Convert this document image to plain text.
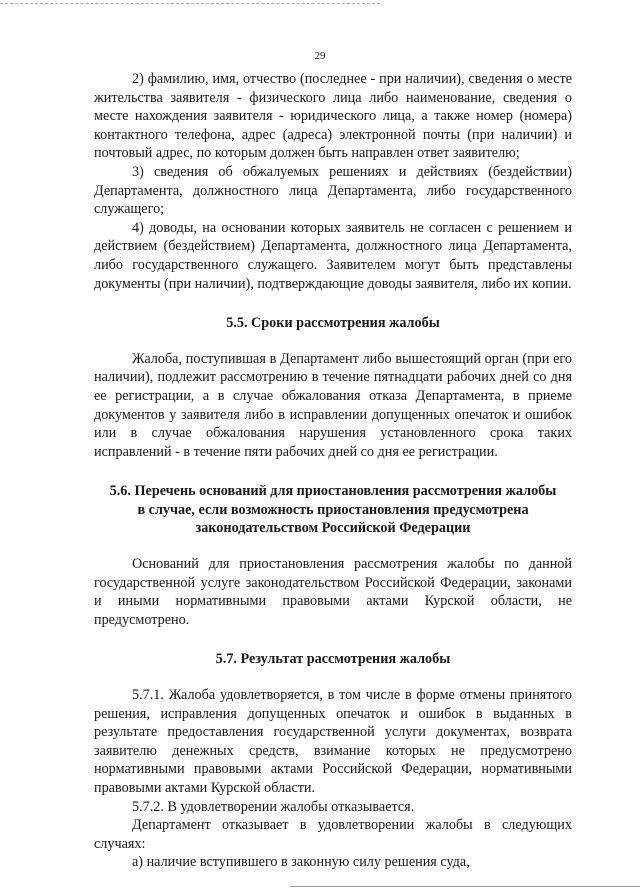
29

2) фамилию, имя, отчество (последнее - при наличии), сведения о месте жительства заявителя - физического лица либо наименование, сведения о месте нахождения заявителя - юридического лица, а также номер (номера) контактного телефона, адрес (адреса) электронной почты (при наличии) и почтовый адрес, по которым должен быть направлен ответ заявителю;

3) сведения об обжалуемых решениях и действиях (бездействии) Департамента, должностного лица Департамента, либо государственного служащего;

4) доводы, на основании которых заявитель не согласен с решением и действием (бездействием) Департамента, должностного лица Департамента, либо государственного служащего. Заявителем могут быть представлены документы (при наличии), подтверждающие доводы заявителя, либо их копии.

5.5. Сроки рассмотрения жалобы

Жалоба, поступившая в Департамент либо вышестоящий орган (при его наличии), подлежит рассмотрению в течение пятнадцати рабочих дней со дня ее регистрации, а в случае обжалования отказа Департамента, в приеме документов у заявителя либо в исправлении допущенных опечаток и ошибок или в случае обжалования нарушения установленного срока таких исправлений - в течение пяти рабочих дней со дня ее регистрации.

5.6. Перечень оснований для приостановления рассмотрения жалобы

в случае, если возможность приостановления предусмотрена

законодательством Российской Федерации

Оснований для приостановления рассмотрения жалобы по данной государственной услуге законодательством Российской Федерации, законами и иными нормативными правовыми актами Курской области, не предусмотрено.

5.7. Результат рассмотрения жалобы

5.7.1. Жалоба удовлетворяется, в том числе в форме отмены принятого решения, исправления допущенных опечаток и ошибок в выданных в результате предоставления государственной услуги документах, возврата заявителю денежных средств, взимание которых не предусмотрено нормативными правовыми актами Российской Федерации, нормативными правовыми актами Курской области.

5.7.2. В удовлетворении жалобы отказывается.

Департамент отказывает в удовлетворении жалобы в следующих случаях:

а) наличие вступившего в законную силу решения суда,
